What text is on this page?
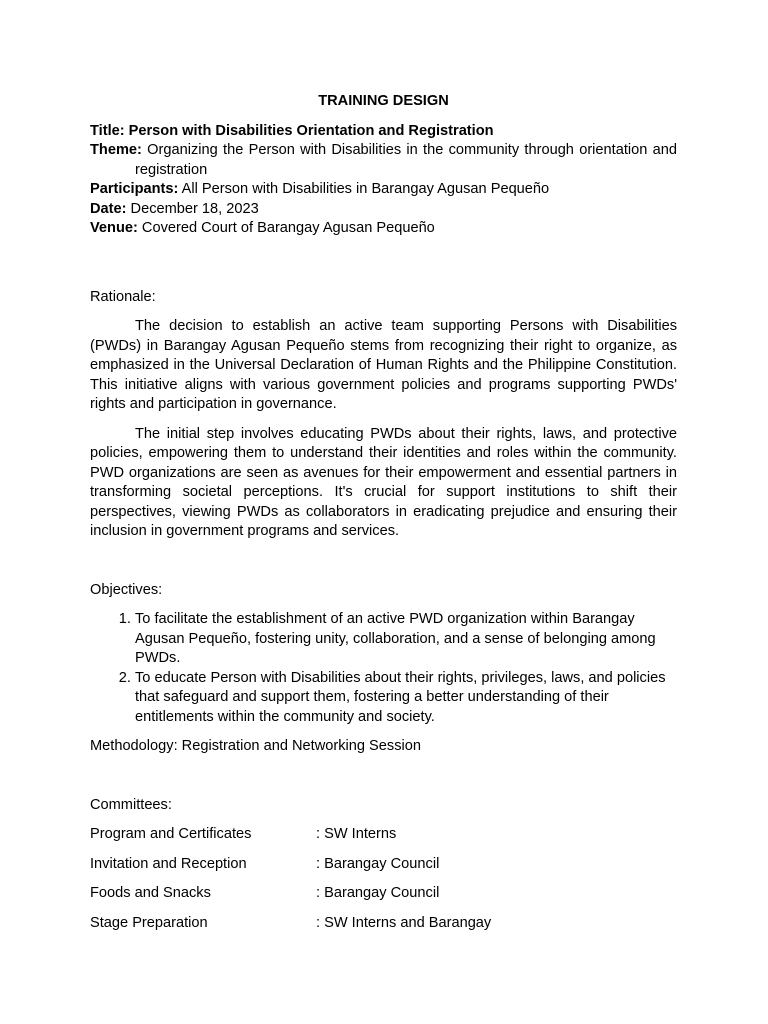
TRAINING DESIGN

Title: Person with Disabilities Orientation and Registration

Theme: Organizing the Person with Disabilities in the community through orientation and registration

Participants: All Person with Disabilities in Barangay Agusan Pequeño

Date: December 18, 2023

Venue: Covered Court of Barangay Agusan Pequeño

Rationale:

The decision to establish an active team supporting Persons with Disabilities (PWDs) in Barangay Agusan Pequeño stems from recognizing their right to organize, as emphasized in the Universal Declaration of Human Rights and the Philippine Constitution. This initiative aligns with various government policies and programs supporting PWDs' rights and participation in governance.

The initial step involves educating PWDs about their rights, laws, and protective policies, empowering them to understand their identities and roles within the community. PWD organizations are seen as avenues for their empowerment and essential partners in transforming societal perceptions. It's crucial for support institutions to shift their perspectives, viewing PWDs as collaborators in eradicating prejudice and ensuring their inclusion in government programs and services.

Objectives:

1. To facilitate the establishment of an active PWD organization within Barangay Agusan Pequeño, fostering unity, collaboration, and a sense of belonging among PWDs.
2. To educate Person with Disabilities about their rights, privileges, laws, and policies that safeguard and support them, fostering a better understanding of their entitlements within the community and society.

Methodology: Registration and Networking Session

Committees:

Program and Certificates	: SW Interns
Invitation and Reception	: Barangay Council
Foods and Snacks	: Barangay Council
Stage Preparation	: SW Interns and Barangay
